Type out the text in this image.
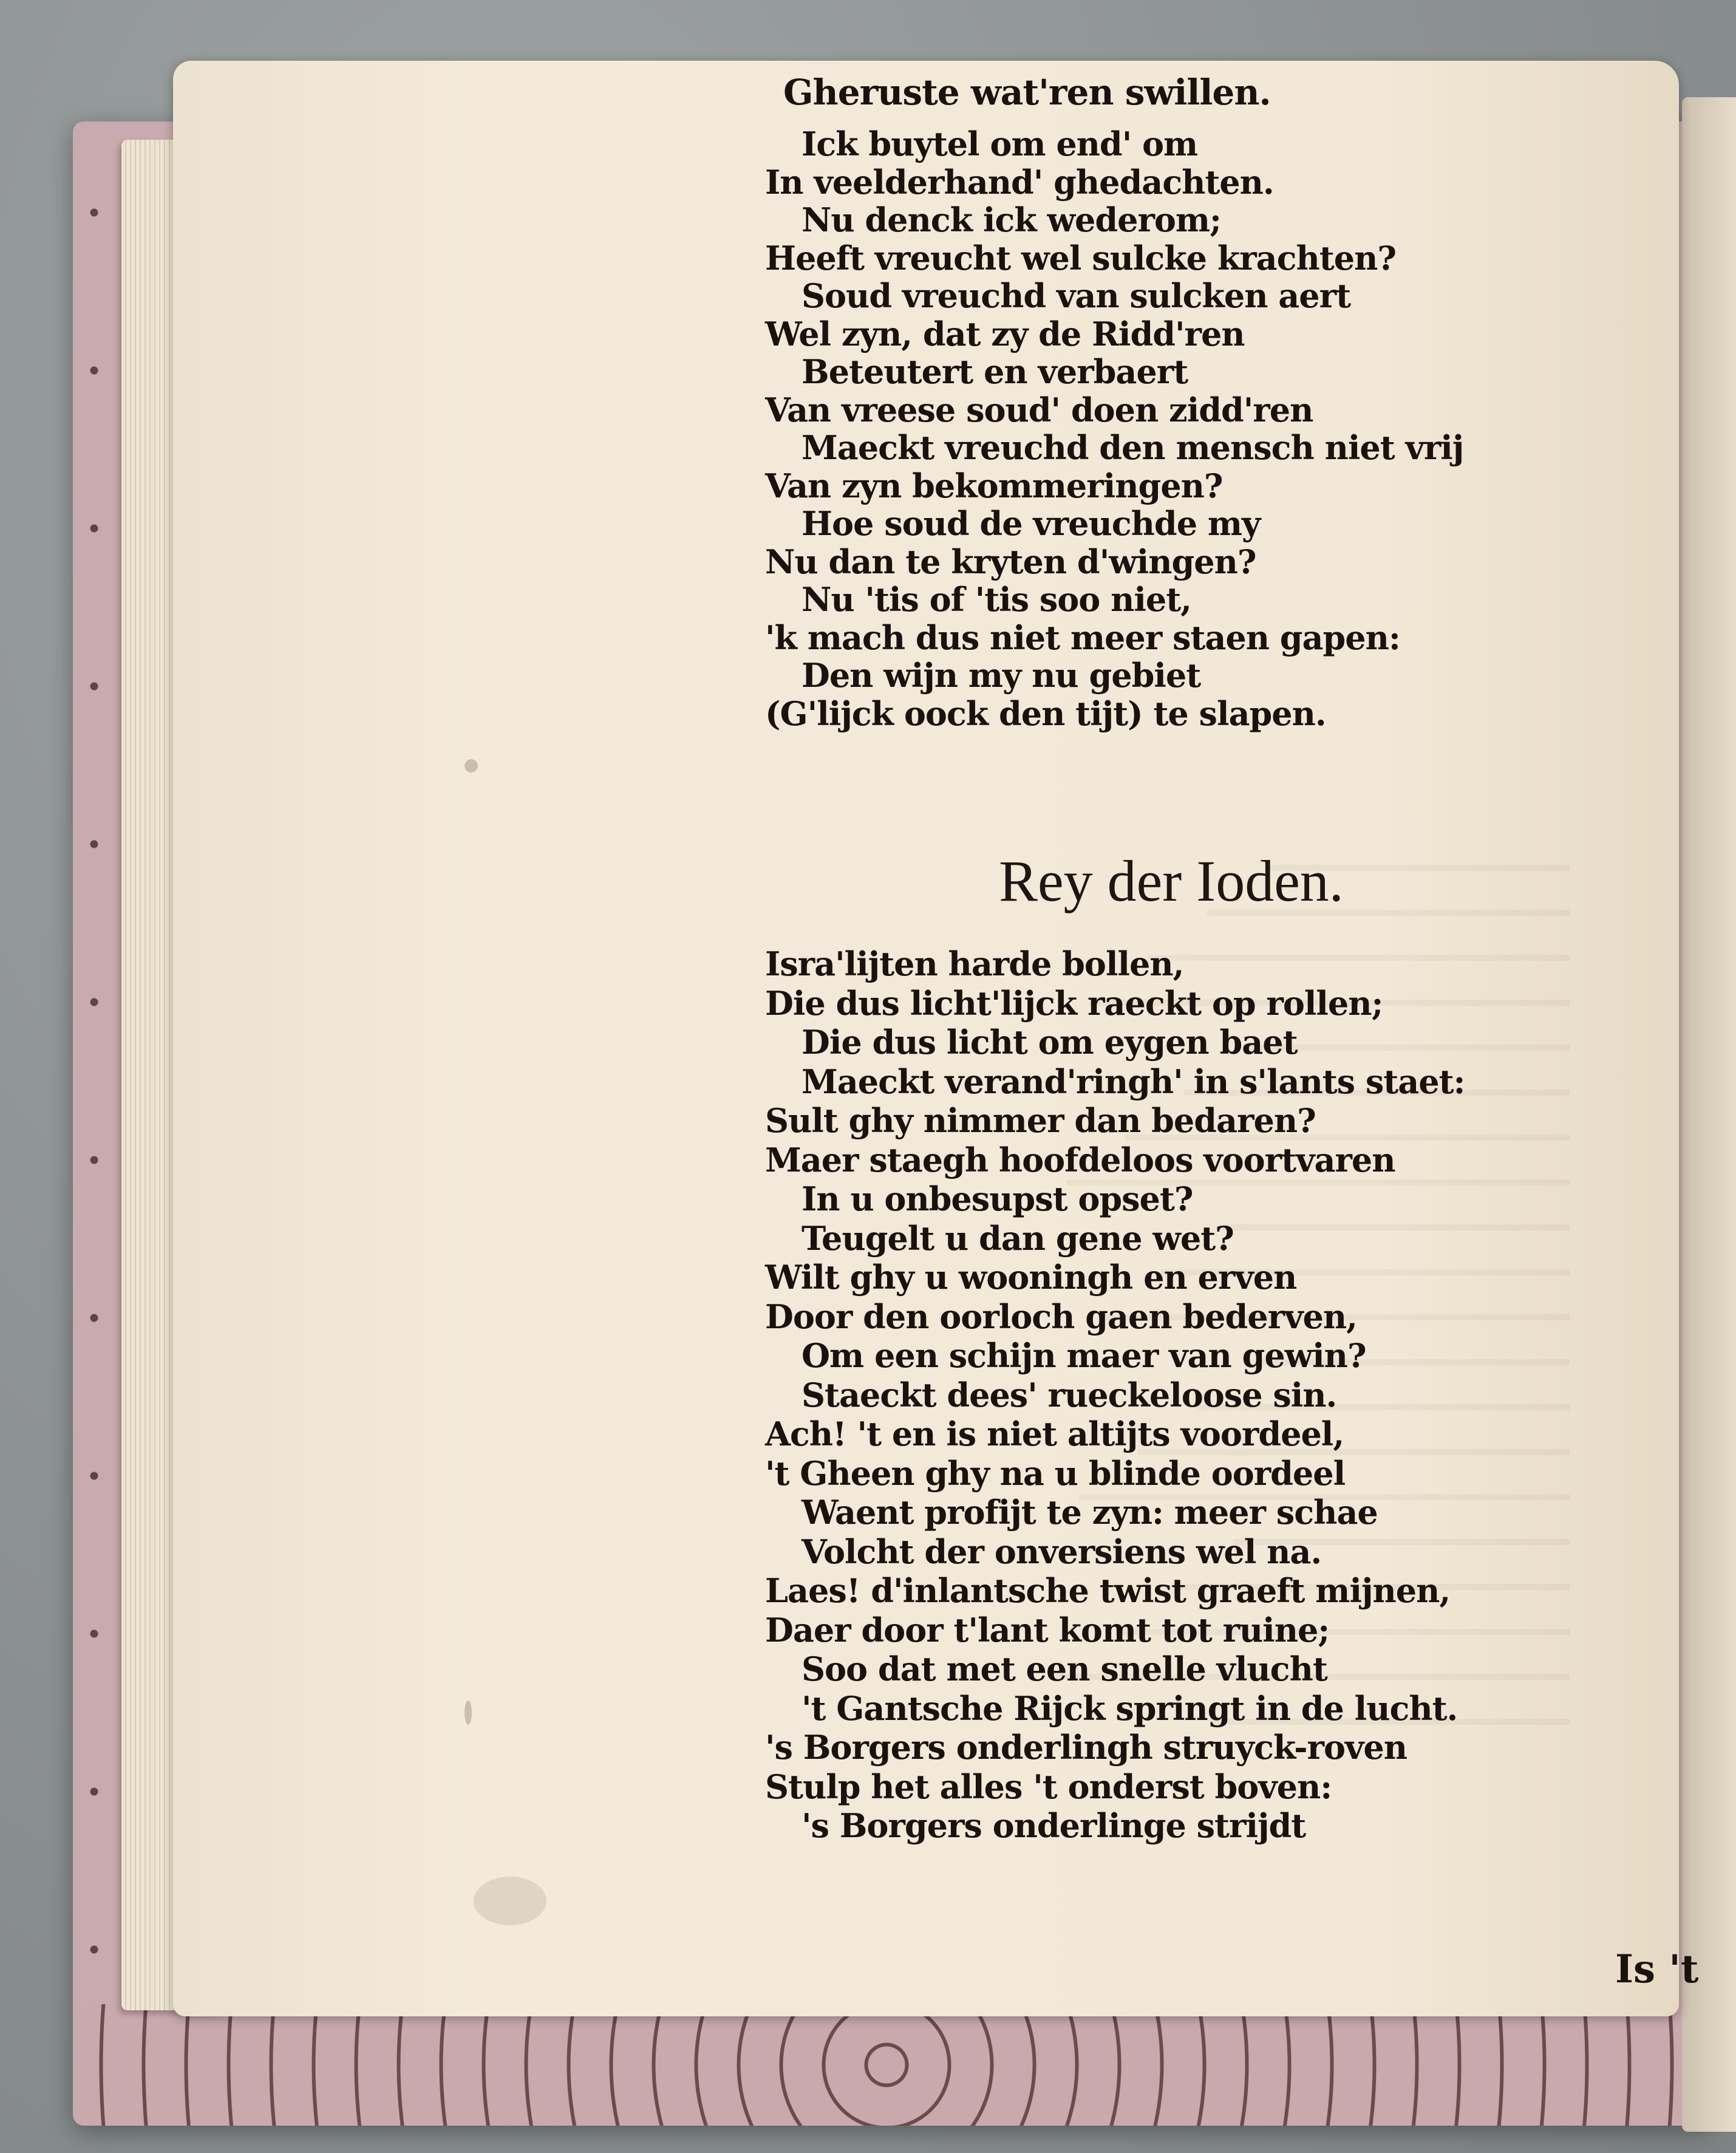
Gheruste wat'ren swillen.
Ick buytel om end' om
In veelderhand' ghedachten.
Nu denck ick wederom;
Heeft vreucht wel sulcke krachten?
Soud vreuchd van sulcken aert
Wel zyn, dat zy de Ridd'ren
Beteutert en verbaert
Van vreese soud' doen zidd'ren
Maeckt vreuchd den mensch niet vrij
Van zyn bekommeringen?
Hoe soud de vreuchde my
Nu dan te kryten d'wingen?
Nu 'tis of 'tis soo niet,
'k mach dus niet meer staen gapen:
Den wijn my nu gebiet
(G'lijck oock den tijt) te slapen.
Rey der Ioden.
Isra'lijten harde bollen,
Die dus licht'lijck raeckt op rollen;
Die dus licht om eygen baet
Maeckt verand'ringh' in s'lants staet:
Sult ghy nimmer dan bedaren?
Maer staegh hoofdeloos voortvaren
In u onbesupst opset?
Teugelt u dan gene wet?
Wilt ghy u wooningh en erven
Door den oorloch gaen bederven,
Om een schijn maer van gewin?
Staeckt dees' rueckeloose sin.
Ach! 't en is niet altijts voordeel,
't Gheen ghy na u blinde oordeel
Waent profijt te zyn: meer schae
Volcht der onversiens wel na.
Laes! d'inlantsche twist graeft mijnen,
Daer door t'lant komt tot ruine;
Soo dat met een snelle vlucht
't Gantsche Rijck springt in de lucht.
's Borgers onderlingh struyck-roven
Stulp het alles 't onderst boven:
's Borgers onderlinge strijdt
Is 't
